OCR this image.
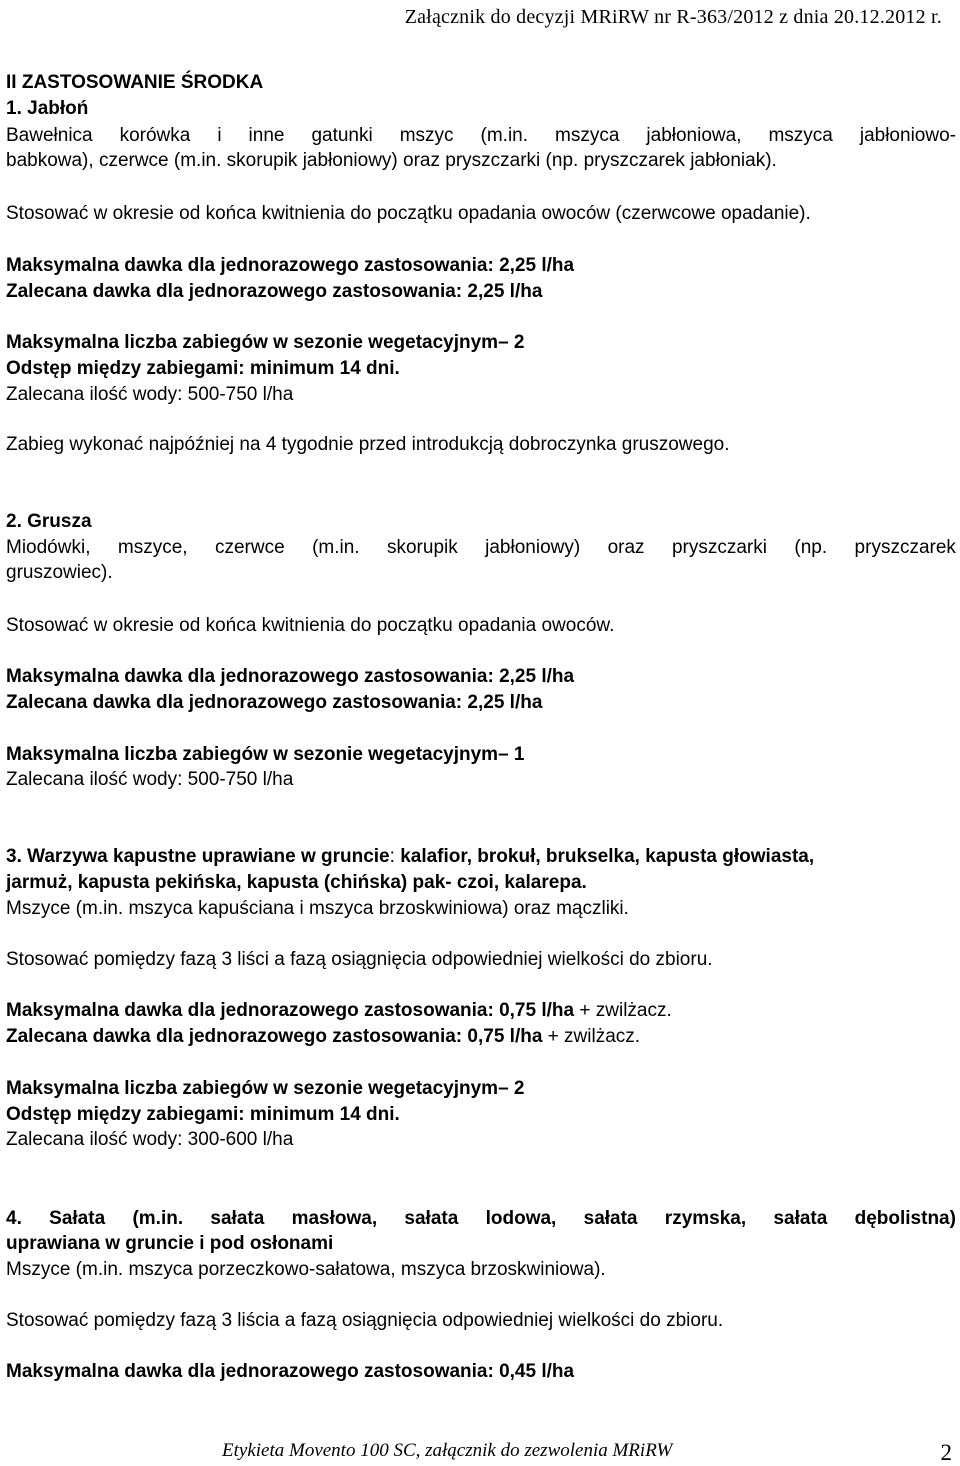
Załącznik do decyzji MRiRW nr R-363/2012 z dnia 20.12.2012 r.
II ZASTOSOWANIE ŚRODKA
1. Jabłoń
Bawełnica korówka i inne gatunki mszyc (m.in. mszyca jabłoniowa, mszyca jabłoniowo-
babkowa), czerwce (m.in. skorupik jabłoniowy) oraz pryszczarki (np. pryszczarek jabłoniak).
Stosować w okresie od końca kwitnienia do początku opadania owoców (czerwcowe opadanie).
Maksymalna dawka dla jednorazowego zastosowania: 2,25 l/ha
Zalecana dawka dla jednorazowego zastosowania: 2,25 l/ha
Maksymalna liczba zabiegów w sezonie wegetacyjnym– 2
Odstęp między zabiegami: minimum 14 dni.
Zalecana ilość wody: 500-750 l/ha
Zabieg wykonać najpóźniej na 4 tygodnie przed introdukcją dobroczynka gruszowego.
2. Grusza
Miodówki, mszyce, czerwce (m.in. skorupik jabłoniowy) oraz pryszczarki (np. pryszczarek
gruszowiec).
Stosować w okresie od końca kwitnienia do początku opadania owoców.
Maksymalna dawka dla jednorazowego zastosowania: 2,25 l/ha
Zalecana dawka dla jednorazowego zastosowania: 2,25 l/ha
Maksymalna liczba zabiegów w sezonie wegetacyjnym– 1
Zalecana ilość wody: 500-750 l/ha
3. Warzywa kapustne uprawiane w gruncie: kalafior, brokuł, brukselka, kapusta głowiasta,
jarmuż, kapusta pekińska, kapusta (chińska) pak- czoi, kalarepa.
Mszyce (m.in. mszyca kapuściana i mszyca brzoskwiniowa) oraz mączliki.
Stosować pomiędzy fazą 3 liści a fazą osiągnięcia odpowiedniej wielkości do zbioru.
Maksymalna dawka dla jednorazowego zastosowania: 0,75 l/ha + zwilżacz.
Zalecana dawka dla jednorazowego zastosowania: 0,75 l/ha + zwilżacz.
Maksymalna liczba zabiegów w sezonie wegetacyjnym– 2
Odstęp między zabiegami: minimum 14 dni.
Zalecana ilość wody: 300-600 l/ha
4. Sałata (m.in. sałata masłowa, sałata lodowa, sałata rzymska, sałata dębolistna)
uprawiana w gruncie i pod osłonami
Mszyce (m.in. mszyca porzeczkowo-sałatowa, mszyca brzoskwiniowa).
Stosować pomiędzy fazą 3 liścia a fazą osiągnięcia odpowiedniej wielkości do zbioru.
Maksymalna dawka dla jednorazowego zastosowania: 0,45 l/ha
Etykieta Movento 100 SC, załącznik do zezwolenia MRiRW	2
